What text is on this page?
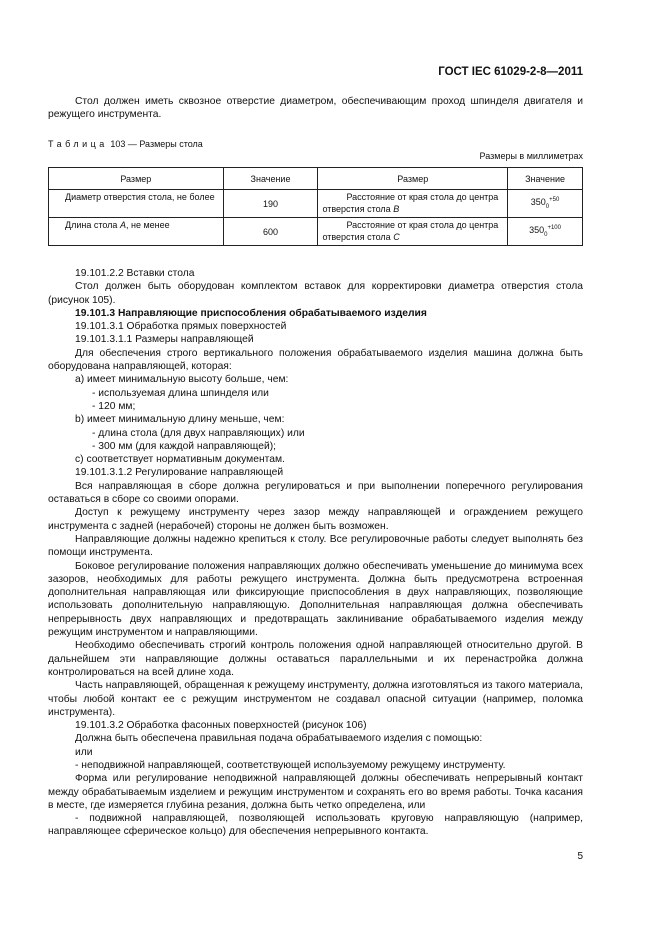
ГОСТ IEC 61029-2-8—2011

Стол должен иметь сквозное отверстие диаметром, обеспечивающим проход шпинделя двигателя и режущего инструмента.

Таблица 103 — Размеры стола
Размеры в миллиметрах
Размер	Значение	Размер	Значение
Диаметр отверстия стола, не более	190	Расстояние от края стола до центра отверстия стола B	$350_0^{+50}$
Длина стола A, не менее	600	Расстояние от края стола до центра отверстия стола C	$350_0^{+100}$

19.101.2.2 Вставки стола

Стол должен быть оборудован комплектом вставок для корректировки диаметра отверстия стола (рисунок 105).

19.101.3 Направляющие приспособления обрабатываемого изделия

19.101.3.1 Обработка прямых поверхностей

19.101.3.1.1 Размеры направляющей

Для обеспечения строго вертикального положения обрабатываемого изделия машина должна быть оборудована направляющей, которая:

а) имеет минимальную высоту больше, чем:

- используемая длина шпинделя или

- 120 мм;

b) имеет минимальную длину меньше, чем:

- длина стола (для двух направляющих) или

- 300 мм (для каждой направляющей);

с) соответствует нормативным документам.

19.101.3.1.2 Регулирование направляющей

Вся направляющая в сборе должна регулироваться и при выполнении поперечного регулирования оставаться в сборе со своими опорами.

Доступ к режущему инструменту через зазор между направляющей и ограждением режущего инструмента с задней (нерабочей) стороны не должен быть возможен.

Направляющие должны надежно крепиться к столу. Все регулировочные работы следует выполнять без помощи инструмента.

Боковое регулирование положения направляющих должно обеспечивать уменьшение до минимума всех зазоров, необходимых для работы режущего инструмента. Должна быть предусмотрена встроенная дополнительная направляющая или фиксирующие приспособления в двух направляющих, позволяющие использовать дополнительную направляющую. Дополнительная направляющая должна обеспечивать непрерывность двух направляющих и предотвращать заклинивание обрабатываемого изделия между режущим инструментом и направляющими.

Необходимо обеспечивать строгий контроль положения одной направляющей относительно другой. В дальнейшем эти направляющие должны оставаться параллельными и их перенастройка должна контролироваться на всей длине хода.

Часть направляющей, обращенная к режущему инструменту, должна изготовляться из такого материала, чтобы любой контакт ее с режущим инструментом не создавал опасной ситуации (например, поломка инструмента).

19.101.3.2 Обработка фасонных поверхностей (рисунок 106)

Должна быть обеспечена правильная подача обрабатываемого изделия с помощью:

или

- неподвижной направляющей, соответствующей используемому режущему инструменту.

Форма или регулирование неподвижной направляющей должны обеспечивать непрерывный контакт между обрабатываемым изделием и режущим инструментом и сохранять его во время работы. Точка касания в месте, где измеряется глубина резания, должна быть четко определена, или

- подвижной направляющей, позволяющей использовать круговую направляющую (например, направляющее сферическое кольцо) для обеспечения непрерывного контакта.

5
